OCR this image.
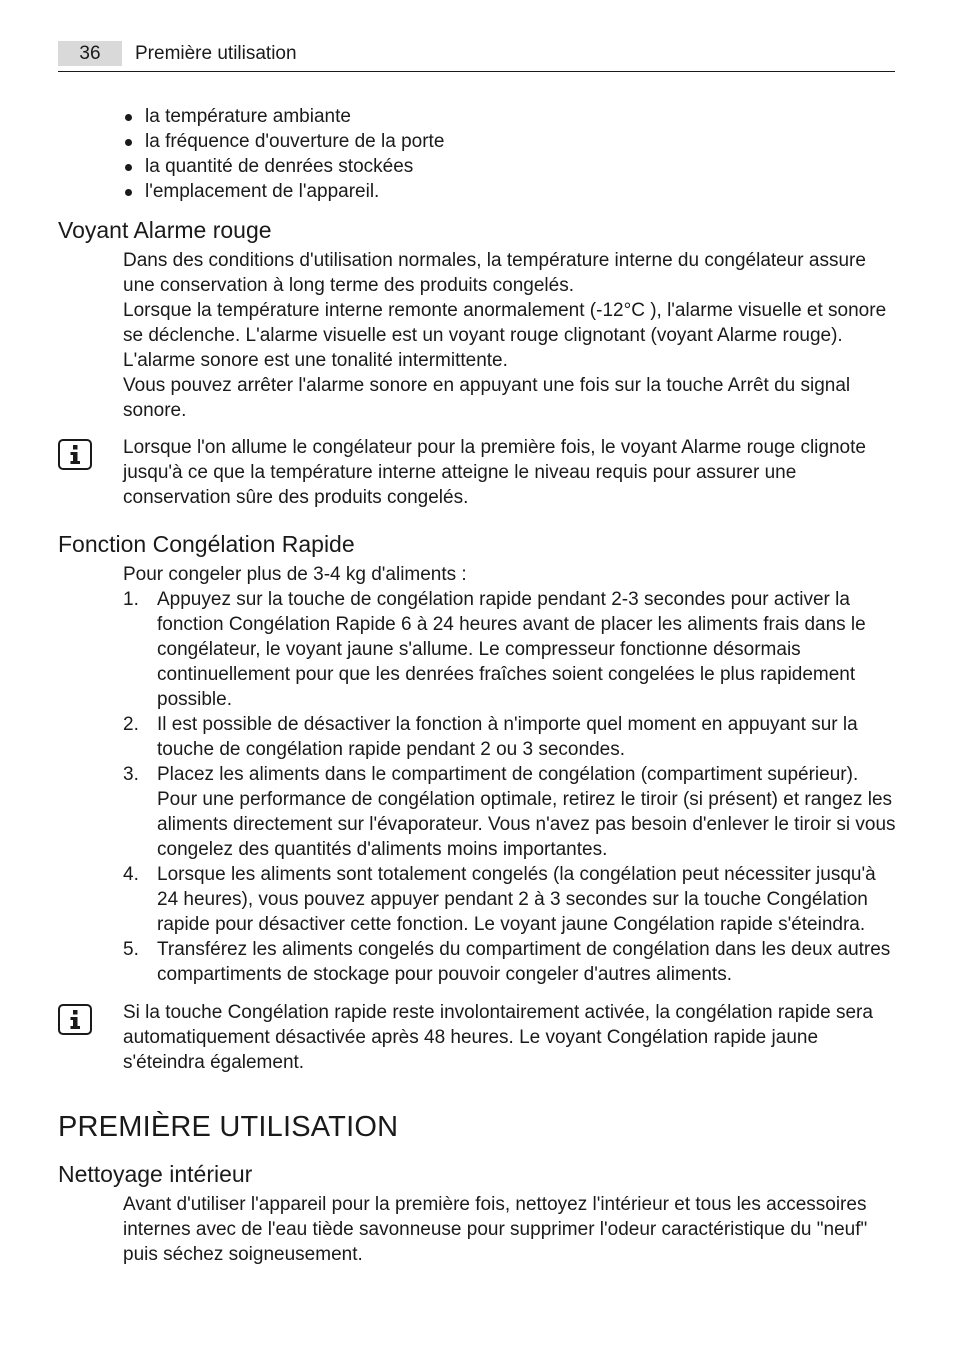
36	Première utilisation
la température ambiante
la fréquence d'ouverture de la porte
la quantité de denrées stockées
l'emplacement de l'appareil.
Voyant Alarme rouge

Dans des conditions d'utilisation normales, la température interne du congélateur assure une conservation à long terme des produits congelés.

Lorsque la température interne remonte anormalement (-12°C ), l'alarme visuelle et sonore se déclenche. L'alarme visuelle est un voyant rouge clignotant (voyant Alarme rouge). L'alarme sonore est une tonalité intermittente.

Vous pouvez arrêter l'alarme sonore en appuyant une fois sur la touche Arrêt du signal sonore.

Lorsque l'on allume le congélateur pour la première fois, le voyant Alarme rouge clignote jusqu'à ce que la température interne atteigne le niveau requis pour assurer une conservation sûre des produits congelés.

Fonction Congélation Rapide

Pour congeler plus de 3-4 kg d'aliments :

1. Appuyez sur la touche de congélation rapide pendant 2-3 secondes pour activer la fonction Congélation Rapide 6 à 24 heures avant de placer les aliments frais dans le congélateur, le voyant jaune s'allume. Le compresseur fonctionne désormais continuellement pour que les denrées fraîches soient congelées le plus rapidement possible.
2. Il est possible de désactiver la fonction à n'importe quel moment en appuyant sur la touche de congélation rapide pendant 2 ou 3 secondes.
3. Placez les aliments dans le compartiment de congélation (compartiment supérieur). Pour une performance de congélation optimale, retirez le tiroir (si présent) et rangez les aliments directement sur l'évaporateur. Vous n'avez pas besoin d'enlever le tiroir si vous congelez des quantités d'aliments moins importantes.
4. Lorsque les aliments sont totalement congelés (la congélation peut nécessiter jusqu'à 24 heures), vous pouvez appuyer pendant 2 à 3 secondes sur la touche Congélation rapide pour désactiver cette fonction. Le voyant jaune Congélation rapide s'éteindra.
5. Transférez les aliments congelés du compartiment de congélation dans les deux autres compartiments de stockage pour pouvoir congeler d'autres aliments.

Si la touche Congélation rapide reste involontairement activée, la congélation rapide sera automatiquement désactivée après 48 heures. Le voyant Congélation rapide jaune s'éteindra également.

PREMIÈRE UTILISATION
Nettoyage intérieur

Avant d'utiliser l'appareil pour la première fois, nettoyez l'intérieur et tous les accessoires internes avec de l'eau tiède savonneuse pour supprimer l'odeur caractéristique du "neuf" puis séchez soigneusement.
